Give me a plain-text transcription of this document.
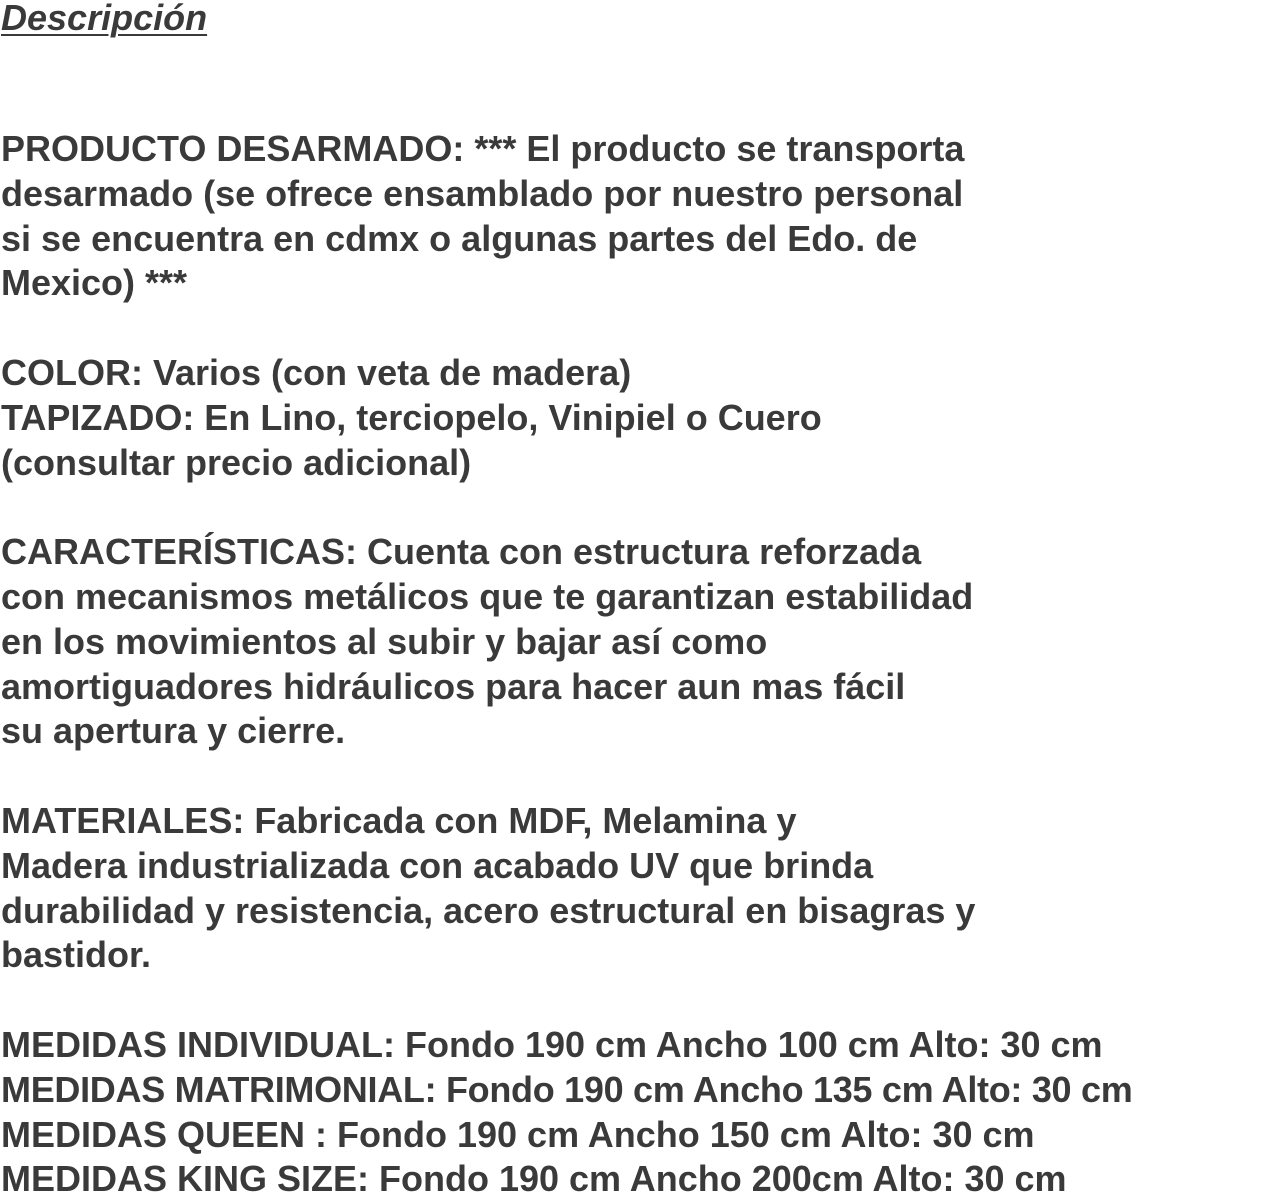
Descripción
PRODUCTO DESARMADO: *** El producto se transporta
desarmado (se ofrece ensamblado por nuestro personal
si se encuentra en cdmx o algunas partes del Edo. de
Mexico) ***
COLOR: Varios (con veta de madera)
TAPIZADO: En Lino, terciopelo, Vinipiel o Cuero
(consultar precio adicional)
CARACTERÍSTICAS: Cuenta con estructura reforzada
con mecanismos metálicos que te garantizan estabilidad
en los movimientos al subir y bajar así como
amortiguadores hidráulicos para hacer aun mas fácil
su apertura y cierre.
MATERIALES: Fabricada con MDF, Melamina y
Madera industrializada con acabado UV que brinda
durabilidad y resistencia, acero estructural en bisagras y
bastidor.
MEDIDAS INDIVIDUAL: Fondo 190 cm Ancho 100 cm Alto: 30 cm
MEDIDAS MATRIMONIAL: Fondo 190 cm Ancho 135 cm Alto: 30 cm
MEDIDAS QUEEN : Fondo 190 cm Ancho 150 cm Alto: 30 cm
MEDIDAS KING SIZE: Fondo 190 cm Ancho 200cm Alto: 30 cm
